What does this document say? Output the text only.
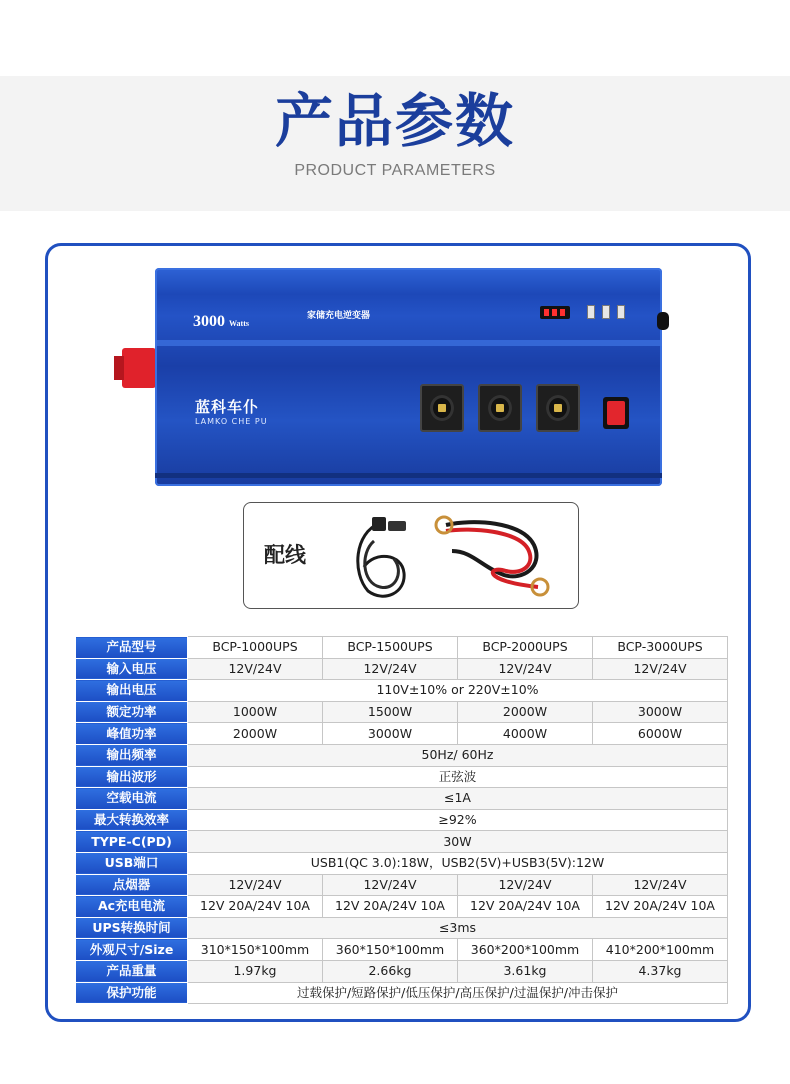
产品参数
PRODUCT PARAMETERS
3000 Watts
家储充电逆变器
蓝科车仆
LAMKO CHE PU
配线
产品型号	BCP-1000UPS	BCP-1500UPS	BCP-2000UPS	BCP-3000UPS
输入电压	12V/24V	12V/24V	12V/24V	12V/24V
输出电压	110V±10% or 220V±10%			
额定功率	1000W	1500W	2000W	3000W
峰值功率	2000W	3000W	4000W	6000W
输出频率	50Hz/ 60Hz			
输出波形	正弦波			
空载电流	≤1A			
最大转换效率	≥92%			
TYPE-C(PD)	30W			
USB端口	USB1(QC 3.0):18W，USB2(5V)+USB3(5V):12W			
点烟器	12V/24V	12V/24V	12V/24V	12V/24V
Ac充电电流	12V 20A/24V 10A	12V 20A/24V 10A	12V 20A/24V 10A	12V 20A/24V 10A
UPS转换时间	≤3ms			
外观尺寸/Size	310*150*100mm	360*150*100mm	360*200*100mm	410*200*100mm
产品重量	1.97kg	2.66kg	3.61kg	4.37kg
保护功能	过载保护/短路保护/低压保护/高压保护/过温保护/冲击保护			
